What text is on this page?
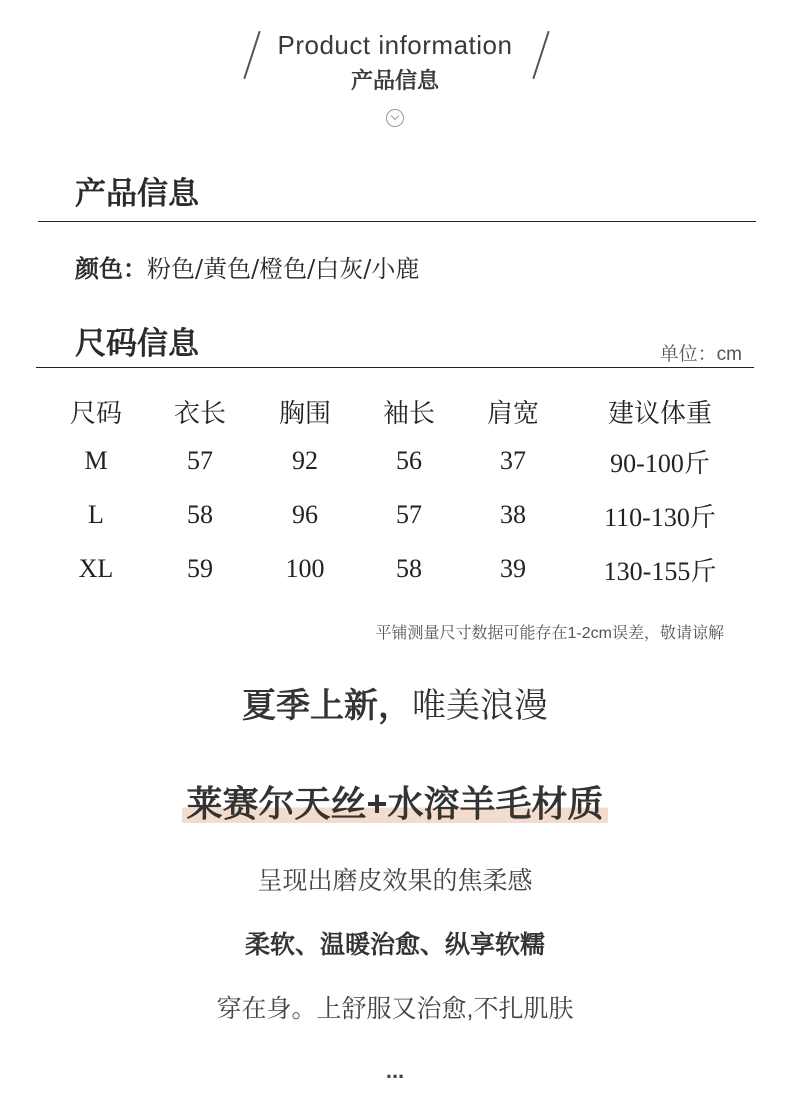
Product information
产品信息
产品信息
颜色：粉色/黄色/橙色/白灰/小鹿
尺码信息	单位：cm
尺码	衣长	胸围	袖长	肩宽	建议体重
M	57	92	56	37	90-100斤
L	58	96	57	38	110-130斤
XL	59	100	58	39	130-155斤
平铺测量尺寸数据可能存在1-2cm误差，敬请谅解
夏季上新，唯美浪漫
莱赛尔天丝+水溶羊毛材质
呈现出磨皮效果的焦柔感
柔软、温暖治愈、纵享软糯
穿在身。上舒服又治愈,不扎肌肤
...
